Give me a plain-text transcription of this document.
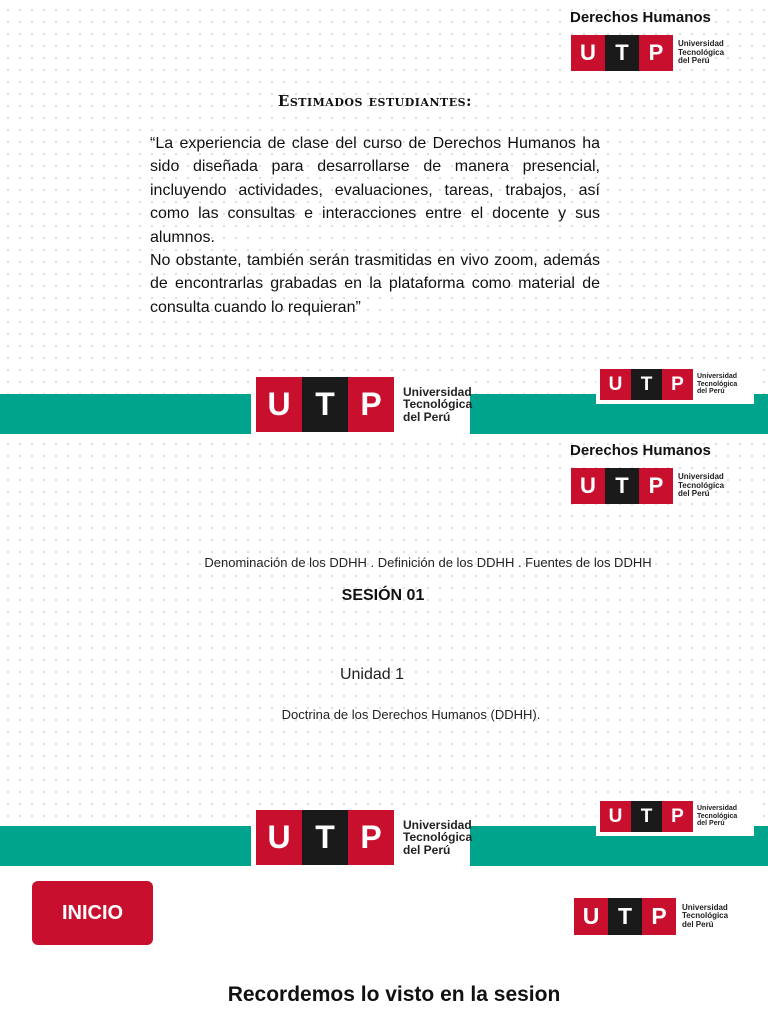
Derechos Humanos
U T P	Universidad
Tecnológica
del Perú
Estimados estudiantes:

“La experiencia de clase del curso de Derechos Humanos ha sido diseñada para desarrollarse de manera presencial, incluyendo actividades, evaluaciones, tareas, trabajos, así como las consultas e interacciones entre el docente y sus alumnos.

No obstante, también serán trasmitidas en vivo zoom, además de encontrarlas grabadas en la plataforma como material de consulta cuando lo requieran”

U T P	Universidad
Tecnológica
del Perú
U T P	Universidad
Tecnológica
del Perú
Derechos Humanos
U T P	Universidad
Tecnológica
del Perú
Denominación de los DDHH . Definición de los DDHH . Fuentes de los DDHH
SESIÓN 01
Unidad 1
Doctrina de los Derechos Humanos (DDHH).
U T P	Universidad
Tecnológica
del Perú
U T P	Universidad
Tecnológica
del Perú
INICIO	U T P	Universidad
Tecnológica
del Perú
Recordemos lo visto en la sesion
